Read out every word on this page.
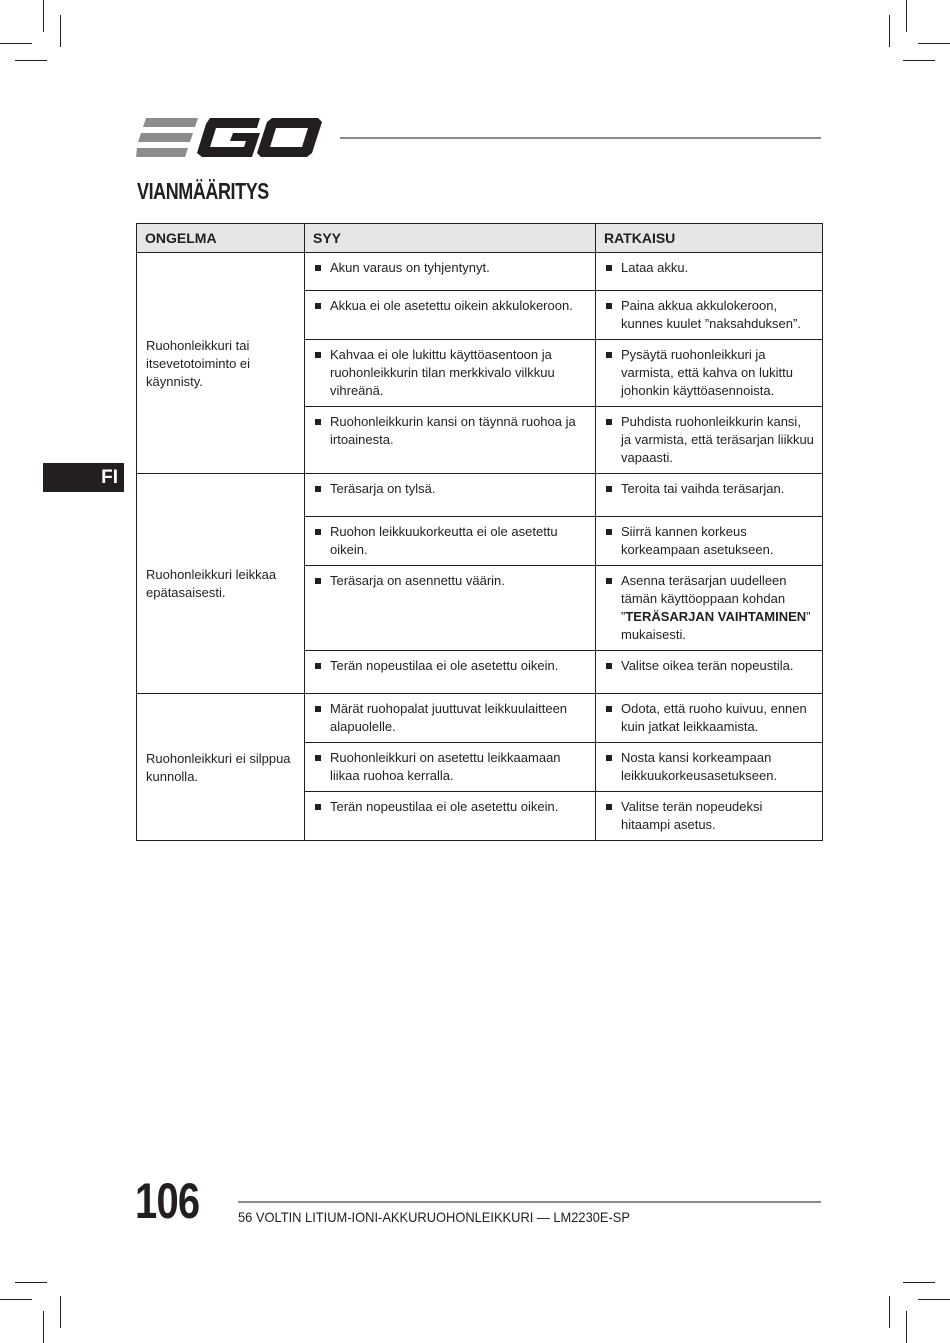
VIANMÄÄRITYS
FI
ONGELMA	SYY	RATKAISU
Ruohonleikkuri tai itsevetotoiminto ei käynnisty.	Akun varaus on tyhjentynyt.	Lataa akku.

	Akkua ei ole asetettu oikein akkulokeroon.	Paina akkua akkulokeroon, kunnes kuulet ”naksahduksen”.

	Kahvaa ei ole lukittu käyttöasentoon ja ruohonleikkurin tilan merkkivalo vilkkuu vihreänä.	Pysäytä ruohonleikkuri ja varmista, että kahva on lukittu johonkin käyttöasennoista.

	Ruohonleikkurin kansi on täynnä ruohoa ja irtoainesta.	Puhdista ruohonleikkurin kansi, ja varmista, että teräsarjan liikkuu vapaasti.

Ruohonleikkuri leikkaa epätasaisesti.	Teräsarja on tylsä.	Teroita tai vaihda teräsarjan.

	Ruohon leikkuukorkeutta ei ole asetettu oikein.	Siirrä kannen korkeus korkeampaan asetukseen.

	Teräsarja on asennettu väärin.	Asenna teräsarjan uudelleen tämän käyttöoppaan kohdan ”TERÄSARJAN VAIHTAMINEN” mukaisesti.

	Terän nopeustilaa ei ole asetettu oikein.	Valitse oikea terän nopeustila.

Ruohonleikkuri ei silppua kunnolla.	Märät ruohopalat juuttuvat leikkuulaitteen alapuolelle.	Odota, että ruoho kuivuu, ennen kuin jatkat leikkaamista.

	Ruohonleikkuri on asetettu leikkaamaan liikaa ruohoa kerralla.	Nosta kansi korkeampaan leikkuukorkeusasetukseen.

	Terän nopeustilaa ei ole asetettu oikein.	Valitse terän nopeudeksi hitaampi asetus.
106	56 VOLTIN LITIUM-IONI-AKKURUOHONLEIKKURI — LM2230E-SP
